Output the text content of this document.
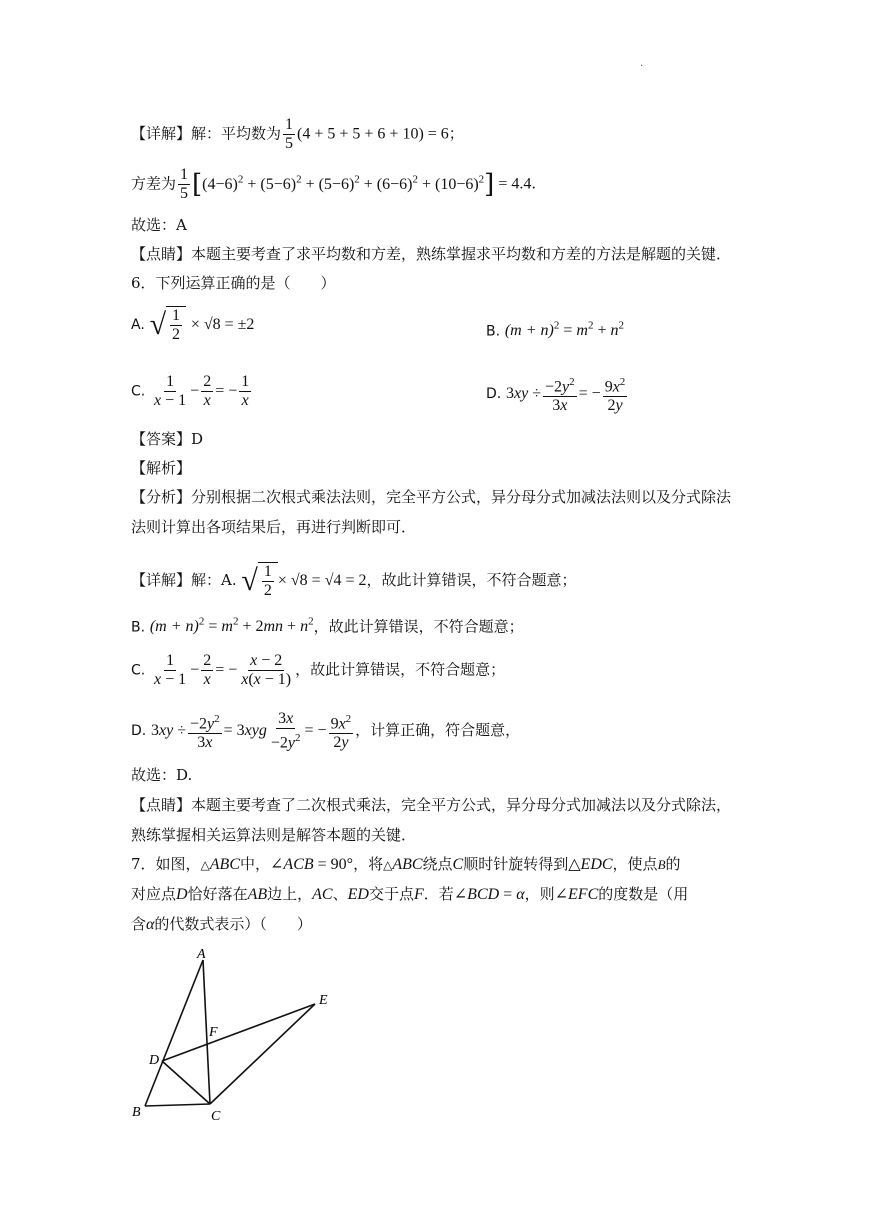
.
【详解】解：平均数为 $\frac{1}{5} (4 + 5 + 5 + 6 + 10) = 6$；
方差为 $\frac{1}{5} [(4-6)^2 + (5-6)^2 + (5-6)^2 + (6-6)^2 + (10-6)^2] = 4.4$.
故选：A
【点睛】本题主要考查了求平均数和方差，熟练掌握求平均数和方差的方法是解题的关键．
6．下列运算正确的是（　　）
A. √ $\frac{1}{2} \times √8 = \pm 2$	B. $(m + n)^2 = m^2 + n^2$
C. $\frac{1}{x - 1} - \frac{2}{x}$ = − $\frac{1}{x}$	D. $3xy \div \frac{-2y^2}{3x}$ = − $\frac{9x^2}{2y}$
【答案】D
【解析】
【分析】分别根据二次根式乘法法则，完全平方公式，异分母分式加减法法则以及分式除法
法则计算出各项结果后，再进行判断即可．
【详解】解：A. √ $\frac{1}{2} \times √8 = √4 = 2$，故此计算错误，不符合题意；
B. $(m + n)^2 = m^2 + 2mn + n^2$，故此计算错误，不符合题意；
C. $\frac{1}{x - 1} - \frac{2}{x}$ = − $\frac{x - 2}{x(x - 1)}$ ，故此计算错误，不符合题意；
D. $3xy \div \frac{-2y^2}{3x} = 3xyg \frac{3x}{-2y^2}$ = − $\frac{9x^2}{2y}$ ，计算正确，符合题意，
故选：D.
【点睛】本题主要考查了二次根式乘法，完全平方公式，异分母分式加减法以及分式除法，
熟练掌握相关运算法则是解答本题的关键．
7．如图，△ABC中，∠ACB = 90°，将△ABC绕点C顺时针旋转得到△EDC，使点B的
对应点D恰好落在AB边上，AC、ED交于点F．若∠BCD = α，则∠EFC的度数是（用
含α的代数式表示）（　　）
A
B	C
D
E
F
